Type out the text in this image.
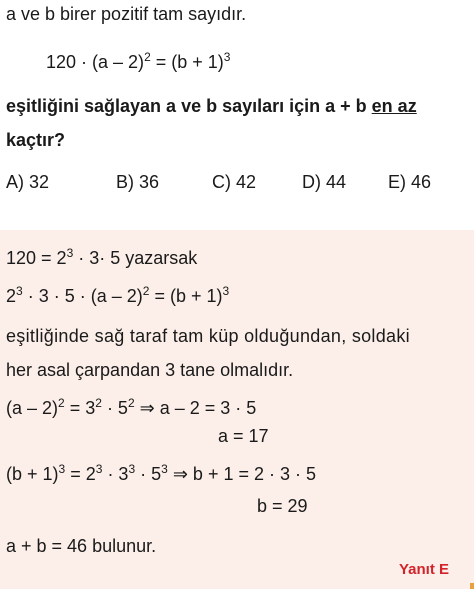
a ve b birer pozitif tam sayıdır.
$120 \cdot (a - 2)^2 = (b + 1)^3$
eşitliğini sağlayan a ve b sayıları için a + b en az
kaçtır?
A) 32	B) 36	C) 42	D) 44 E) 46
$120 = 2^3 \cdot 3\cdot 5$ yazarsak
$2^3 \cdot 3 \cdot 5 \cdot (a - 2)^2 = (b + 1)^3$
eşitliğinde sağ taraf tam küp olduğundan, soldaki
her asal çarpandan 3 tane olmalıdır.
$(a - 2)^2 = 3^2 \cdot 5^2$ ⇒ a – 2 = 3 · 5
a = 17
$(b + 1)^3 = 2^3 \cdot 3^3 \cdot 5^3$ ⇒ b + 1 = 2 · 3 · 5
b = 29
a + b = 46 bulunur.
Yanıt E
